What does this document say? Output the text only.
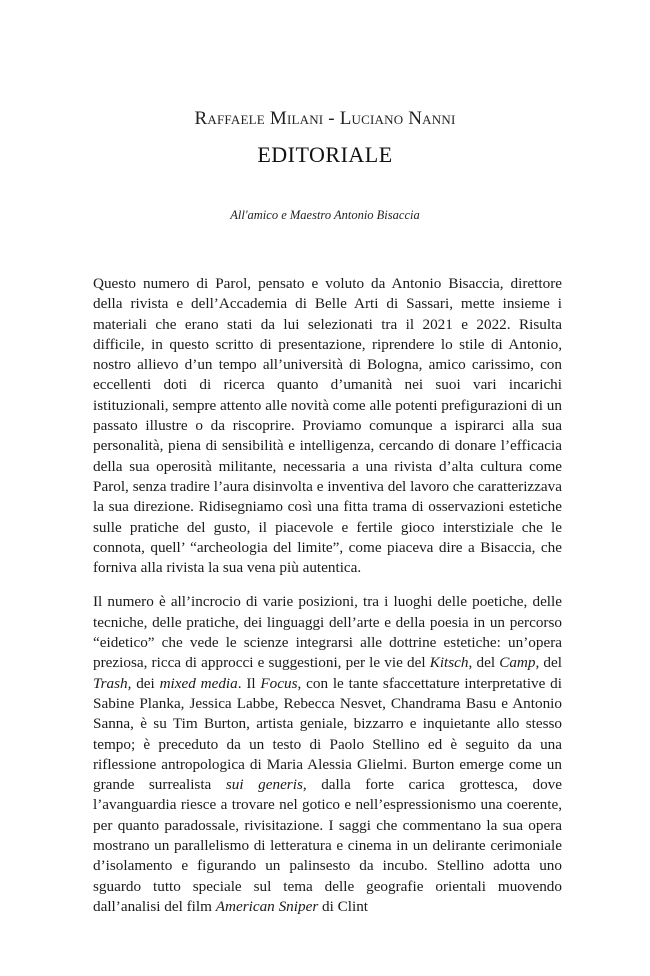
Raffaele Milani - Luciano Nanni
EDITORIALE
All'amico e Maestro Antonio Bisaccia

Questo numero di Parol, pensato e voluto da Antonio Bisaccia, direttore della rivista e dell’Accademia di Belle Arti di Sassari, mette insieme i materiali che erano stati da lui selezionati tra il 2021 e 2022. Risulta difficile, in questo scritto di presentazione, riprendere lo stile di Antonio, nostro allievo d’un tempo all’università di Bologna, amico carissimo, con eccellenti doti di ricerca quanto d’umanità nei suoi vari incarichi istituzionali, sempre attento alle novità come alle potenti prefigurazioni di un passato illustre o da riscoprire. Proviamo comunque a ispirarci alla sua personalità, piena di sensibilità e intelligenza, cercando di donare l’efficacia della sua operosità militante, necessaria a una rivista d’alta cultura come Parol, senza tradire l’aura disinvolta e inventiva del lavoro che caratterizzava la sua direzione. Ridisegniamo così una fitta trama di osservazioni estetiche sulle pratiche del gusto, il piacevole e fertile gioco interstiziale che le connota, quell’ “archeologia del limite”, come piaceva dire a Bisaccia, che forniva alla rivista la sua vena più autentica.

Il numero è all’incrocio di varie posizioni, tra i luoghi delle poetiche, delle tecniche, delle pratiche, dei linguaggi dell’arte e della poesia in un percorso “eidetico” che vede le scienze integrarsi alle dottrine estetiche: un’opera preziosa, ricca di approcci e suggestioni, per le vie del Kitsch, del Camp, del Trash, dei mixed media. Il Focus, con le tante sfaccettature interpretative di Sabine Planka, Jessica Labbe, Rebecca Nesvet, Chandrama Basu e Antonio Sanna, è su Tim Burton, artista geniale, bizzarro e inquietante allo stesso tempo; è preceduto da un testo di Paolo Stellino ed è seguito da una riflessione antropologica di Maria Alessia Glielmi. Burton emerge come un grande surrealista sui generis, dalla forte carica grottesca, dove l’avanguardia riesce a trovare nel gotico e nell’espressionismo una coerente, per quanto paradossale, rivisitazione. I saggi che commentano la sua opera mostrano un parallelismo di letteratura e cinema in un delirante cerimoniale d’isolamento e figurando un palinsesto da incubo. Stellino adotta uno sguardo tutto speciale sul tema delle geografie orientali muovendo dall’analisi del film American Sniper di Clint
